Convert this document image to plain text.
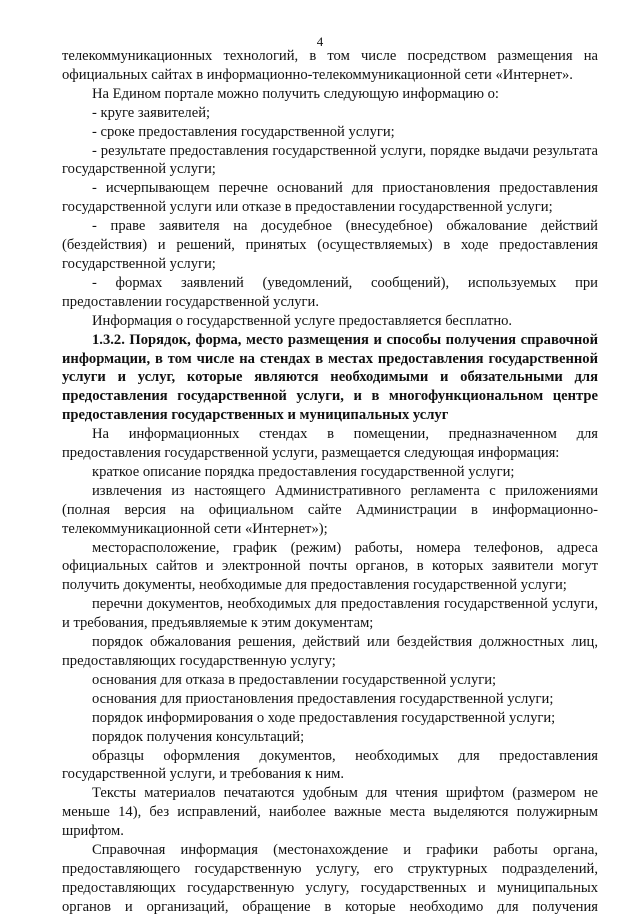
4

телекоммуникационных технологий, в том числе посредством размещения на официальных сайтах в информационно-телекоммуникационной сети «Интернет».

На Едином портале можно получить следующую информацию о:

- круге заявителей;

- сроке предоставления государственной услуги;

- результате предоставления государственной услуги, порядке выдачи результата государственной услуги;

- исчерпывающем перечне оснований для приостановления предоставления государственной услуги или отказе в предоставлении государственной услуги;

- праве заявителя на досудебное (внесудебное) обжалование действий (бездействия) и решений, принятых (осуществляемых) в ходе предоставления государственной услуги;

- формах заявлений (уведомлений, сообщений), используемых при предоставлении государственной услуги.

Информация о государственной услуге предоставляется бесплатно.

1.3.2. Порядок, форма, место размещения и способы получения справочной информации, в том числе на стендах в местах предоставления государственной услуги и услуг, которые являются необходимыми и обязательными для предоставления государственной услуги, и в многофункциональном центре предоставления государственных и муниципальных услуг

На информационных стендах в помещении, предназначенном для предоставления государственной услуги, размещается следующая информация:

краткое описание порядка предоставления государственной услуги;

извлечения из настоящего Административного регламента с приложениями (полная версия на официальном сайте Администрации в информационно-телекоммуникационной сети «Интернет»);

месторасположение, график (режим) работы, номера телефонов, адреса официальных сайтов и электронной почты органов, в которых заявители могут получить документы, необходимые для предоставления государственной услуги;

перечни документов, необходимых для предоставления государственной услуги, и требования, предъявляемые к этим документам;

порядок обжалования решения, действий или бездействия должностных лиц, предоставляющих государственную услугу;

основания для отказа в предоставлении государственной услуги;

основания для приостановления предоставления государственной услуги;

порядок информирования о ходе предоставления государственной услуги;

порядок получения консультаций;

образцы оформления документов, необходимых для предоставления государственной услуги, и требования к ним.

Тексты материалов печатаются удобным для чтения шрифтом (размером не меньше 14), без исправлений, наиболее важные места выделяются полужирным шрифтом.

Справочная информация (местонахождение и графики работы органа, предоставляющего государственную услугу, его структурных подразделений, предоставляющих государственную услугу, государственных и муниципальных органов и организаций, обращение в которые необходимо для получения
